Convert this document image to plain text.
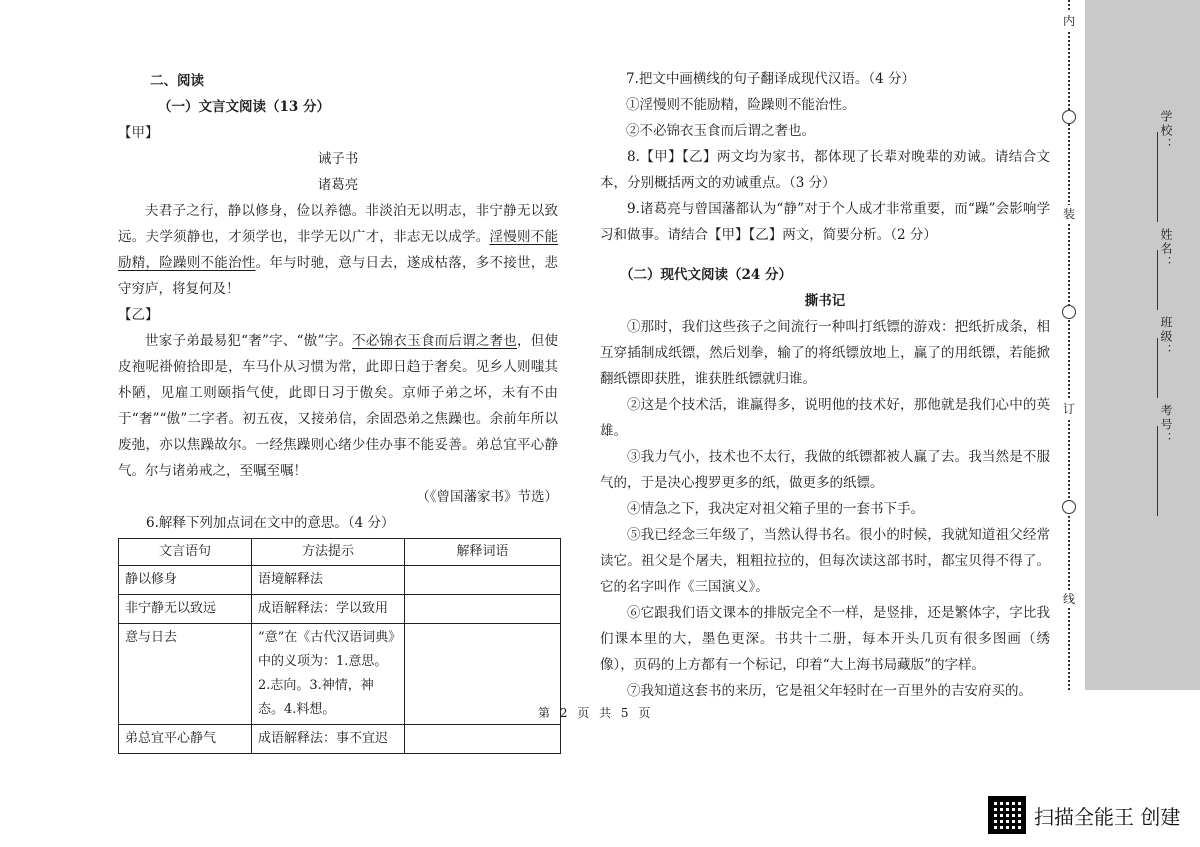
二、阅读
（一）文言文阅读（13 分）
【甲】
诫子书
诸葛亮
夫君子之行，静以修身，俭以养德。非淡泊无以明志，非宁静无以致远。夫学须静也，才须学也，非学无以广才，非志无以成学。淫慢则不能励精，险躁则不能治性。年与时驰，意与日去，遂成枯落，多不接世，悲守穷庐，将复何及！
【乙】
世家子弟最易犯“奢”字、“傲”字。不必锦衣玉食而后谓之奢也，但使皮袍呢褂俯拾即是，车马仆从习惯为常，此即日趋于奢矣。见乡人则嗤其朴陋，见雇工则颐指气使，此即日习于傲矣。京师子弟之坏，未有不由于“奢”“傲”二字者。初五夜，又接弟信，余固恐弟之焦躁也。余前年所以废弛，亦以焦躁故尔。一经焦躁则心绪少佳办事不能妥善。弟总宜平心静气。尔与诸弟戒之，至嘱至嘱！
（《曾国藩家书》节选）
6.解释下列加点词在文中的意思。（4 分）
文言语句	方法提示	解释词语
静以修身	语境解释法	
非宁静无以致远	成语解释法：学以致用	
意与日去	“意”在《古代汉语词典》中的义项为：1.意思。2.志向。3.神情，神态。4.料想。	
弟总宜平心静气	成语解释法：事不宜迟	
7.把文中画横线的句子翻译成现代汉语。（4 分）
①淫慢则不能励精，险躁则不能治性。
②不必锦衣玉食而后谓之奢也。
8.【甲】【乙】两文均为家书，都体现了长辈对晚辈的劝诫。请结合文本，分别概括两文的劝诫重点。（3 分）
9.诸葛亮与曾国藩都认为“静”对于个人成才非常重要，而“躁”会影响学习和做事。请结合【甲】【乙】两文，简要分析。（2 分）
（二）现代文阅读（24 分）
撕书记
①那时，我们这些孩子之间流行一种叫打纸镖的游戏：把纸折成条，相互穿插制成纸镖，然后划拳，输了的将纸镖放地上，赢了的用纸镖，若能掀翻纸镖即获胜，谁获胜纸镖就归谁。
②这是个技术活，谁赢得多，说明他的技术好，那他就是我们心中的英雄。
③我力气小，技术也不太行，我做的纸镖都被人赢了去。我当然是不服气的，于是决心搜罗更多的纸，做更多的纸镖。
④情急之下，我决定对祖父箱子里的一套书下手。
⑤我已经念三年级了，当然认得书名。很小的时候，我就知道祖父经常读它。祖父是个屠夫，粗粗拉拉的，但每次读这部书时，都宝贝得不得了。它的名字叫作《三国演义》。
⑥它跟我们语文课本的排版完全不一样，是竖排，还是繁体字，字比我们课本里的大，墨色更深。书共十二册，每本开头几页有很多图画（绣像），页码的上方都有一个标记，印着“大上海书局藏版”的字样。
⑦我知道这套书的来历，它是祖父年轻时在一百里外的吉安府买的。
第 2 页 共 5 页
内
装
订
线
学校：
姓名：
班级：
考号：
扫描全能王 创建
